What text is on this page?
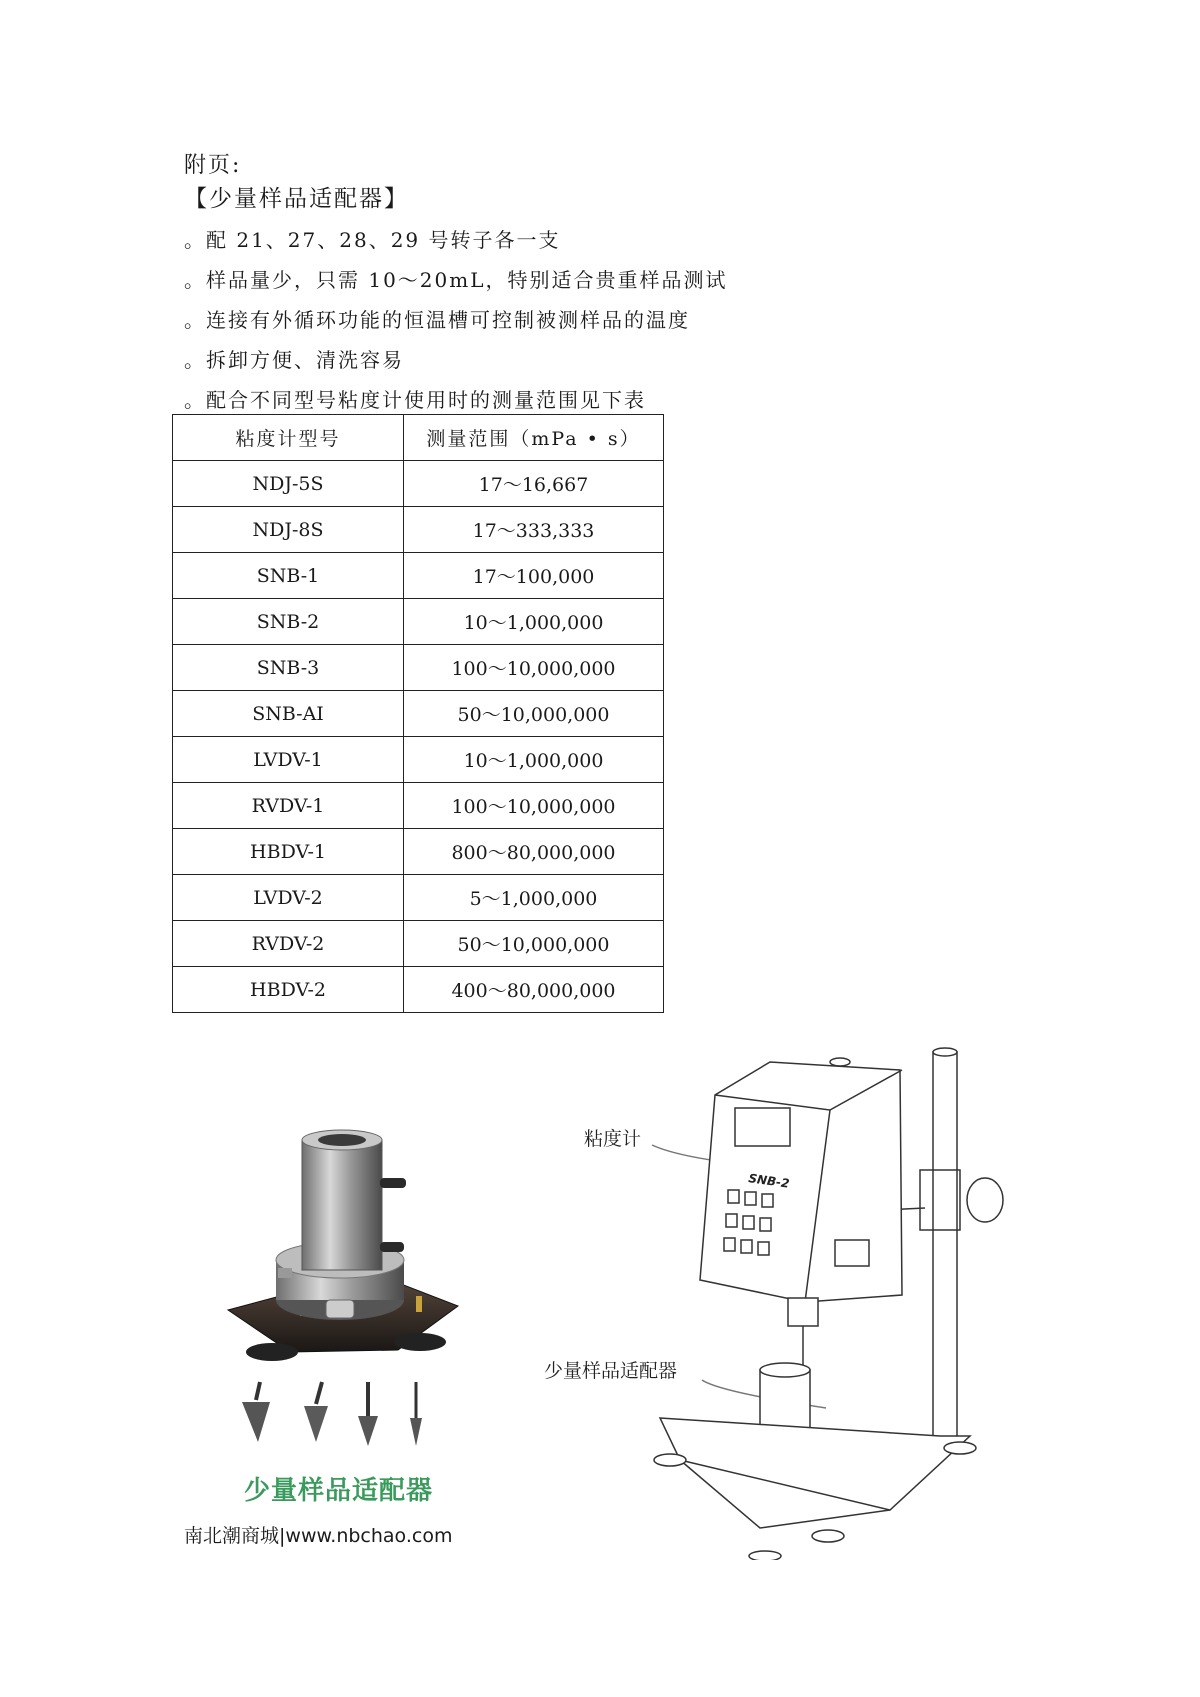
附页:
【少量样品适配器】
。配 21、27、28、29 号转子各一支
。样品量少，只需 10～20mL，特别适合贵重样品测试
。连接有外循环功能的恒温槽可控制被测样品的温度
。拆卸方便、清洗容易
。配合不同型号粘度计使用时的测量范围见下表
粘度计型号	测量范围（mPa • s）
NDJ-5S	17～16,667
NDJ-8S	17～333,333
SNB-1	17～100,000
SNB-2	10～1,000,000
SNB-3	100～10,000,000
SNB-AI	50～10,000,000
LVDV-1	10～1,000,000
RVDV-1	100～10,000,000
HBDV-1	800～80,000,000
LVDV-2	5～1,000,000
RVDV-2	50～10,000,000
HBDV-2	400～80,000,000
少量样品适配器
南北潮商城|www.nbchao.com
粘度计
少量样品适配器
SNB-2
